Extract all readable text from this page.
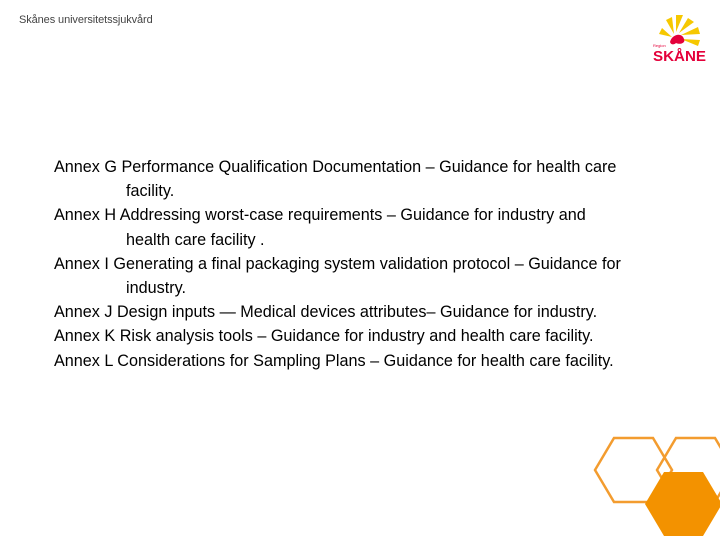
Skånes universitetssjukvård
Region
SKÅNE
Annex G Performance Qualification Documentation – Guidance for health care
facility.
Annex H Addressing worst-case requirements – Guidance for industry and
health care facility .
Annex I Generating a final packaging system validation protocol – Guidance for
industry.
Annex J Design inputs — Medical devices attributes– Guidance for industry.
Annex K Risk analysis tools – Guidance for industry and health care facility.
Annex L Considerations for Sampling Plans – Guidance for health care facility.
